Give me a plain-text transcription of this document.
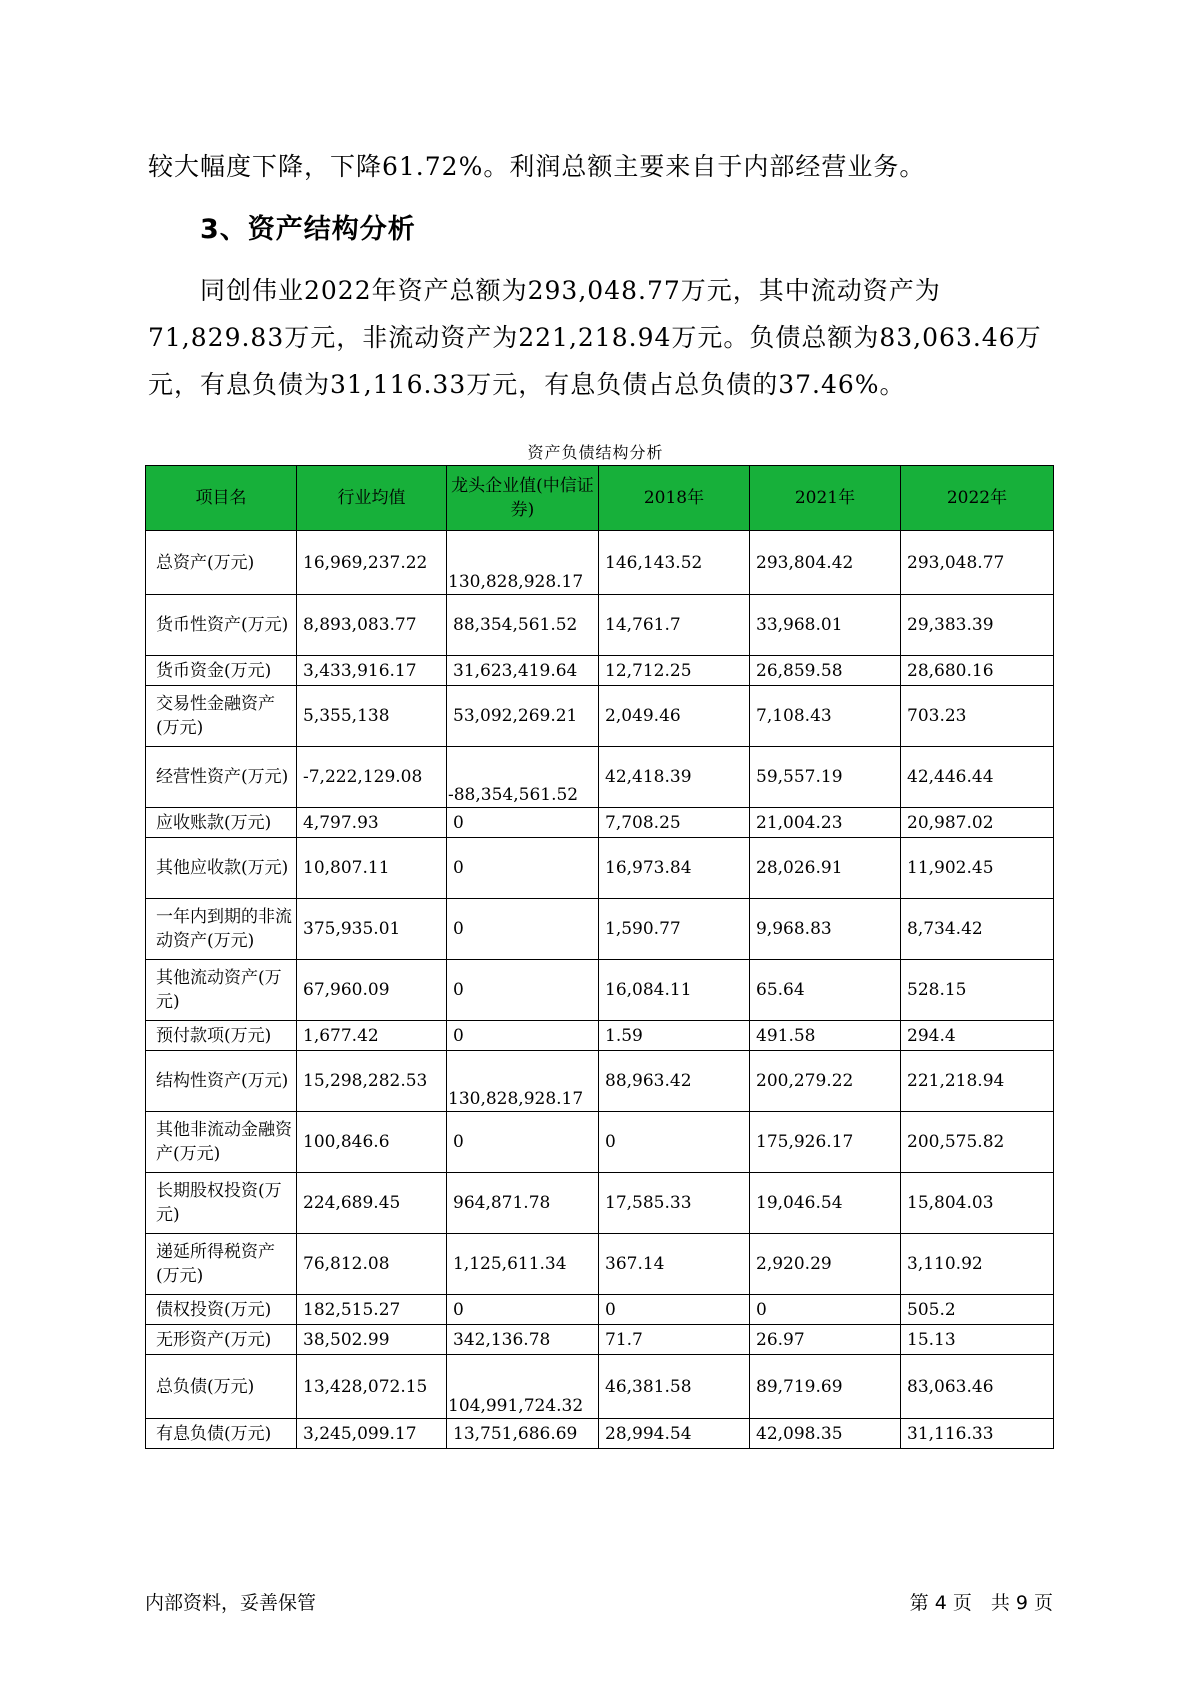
较大幅度下降，下降61.72%。利润总额主要来自于内部经营业务。
3、资产结构分析
　　同创伟业2022年资产总额为293,048.77万元，其中流动资产为
71,829.83万元，非流动资产为221,218.94万元。负债总额为83,063.46万
元，有息负债为31,116.33万元，有息负债占总负债的37.46%。
资产负债结构分析
项目名	行业均值	龙头企业值(中信证券)	2018年	2021年	2022年
总资产(万元)	16,969,237.22	130,828,928.17	146,143.52	293,804.42	293,048.77
货币性资产(万元)	8,893,083.77	88,354,561.52	14,761.7	33,968.01	29,383.39
货币资金(万元)	3,433,916.17	31,623,419.64	12,712.25	26,859.58	28,680.16
交易性金融资产(万元)	5,355,138	53,092,269.21	2,049.46	7,108.43	703.23
经营性资产(万元)	-7,222,129.08	-88,354,561.52	42,418.39	59,557.19	42,446.44
应收账款(万元)	4,797.93	0	7,708.25	21,004.23	20,987.02
其他应收款(万元)	10,807.11	0	16,973.84	28,026.91	11,902.45
一年内到期的非流动资产(万元)	375,935.01	0	1,590.77	9,968.83	8,734.42
其他流动资产(万元)	67,960.09	0	16,084.11	65.64	528.15
预付款项(万元)	1,677.42	0	1.59	491.58	294.4
结构性资产(万元)	15,298,282.53	130,828,928.17	88,963.42	200,279.22	221,218.94
其他非流动金融资产(万元)	100,846.6	0	0	175,926.17	200,575.82
长期股权投资(万元)	224,689.45	964,871.78	17,585.33	19,046.54	15,804.03
递延所得税资产(万元)	76,812.08	1,125,611.34	367.14	2,920.29	3,110.92
债权投资(万元)	182,515.27	0	0	0	505.2
无形资产(万元)	38,502.99	342,136.78	71.7	26.97	15.13
总负债(万元)	13,428,072.15	104,991,724.32	46,381.58	89,719.69	83,063.46
有息负债(万元)	3,245,099.17	13,751,686.69	28,994.54	42,098.35	31,116.33
内部资料，妥善保管	第 4 页　共 9 页
